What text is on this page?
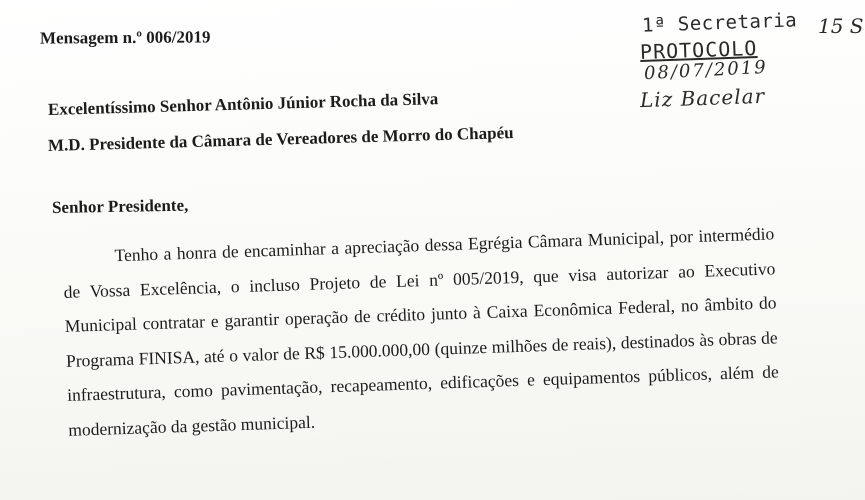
Mensagem n.º 006/2019
Excelentíssimo Senhor Antônio Júnior Rocha da Silva
M.D. Presidente da Câmara de Vereadores de Morro do Chapéu
Senhor Presidente,

Tenho a honra de encaminhar a apreciação dessa Egrégia Câmara Municipal, por intermédio de Vossa Excelência, o incluso Projeto de Lei nº 005/2019, que visa autorizar ao Executivo Municipal contratar e garantir operação de crédito junto à Caixa Econômica Federal, no âmbito do Programa FINISA, até o valor de R$ 15.000.000,00 (quinze milhões de reais), destinados às obras de infraestrutura, como pavimentação, recapeamento, edificações e equipamentos públicos, além de modernização da gestão municipal.

1ª Secretaria
PROTOCOLO
08/07/2019
Liz Bacelar
15 S
